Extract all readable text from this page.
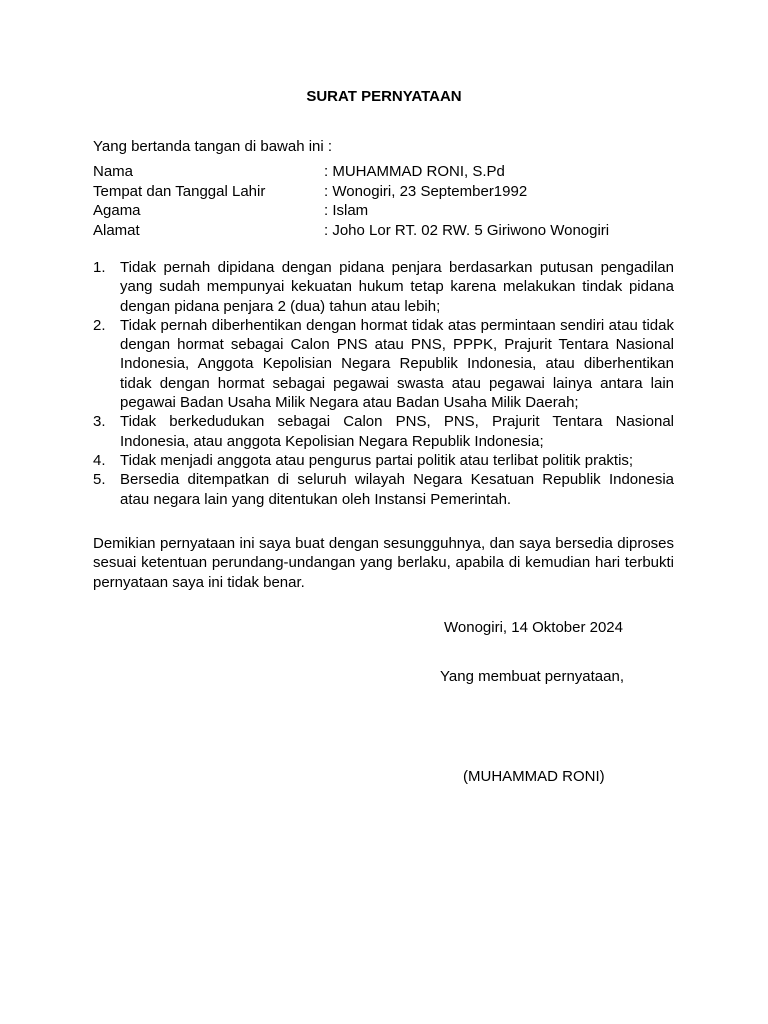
SURAT PERNYATAAN
Yang bertanda tangan di bawah ini :
Nama	: MUHAMMAD RONI, S.Pd
Tempat dan Tanggal Lahir	: Wonogiri, 23 September1992
Agama	: Islam
Alamat	: Joho Lor RT. 02 RW. 5 Giriwono Wonogiri
1. Tidak pernah dipidana dengan pidana penjara berdasarkan putusan pengadilan yang sudah mempunyai kekuatan hukum tetap karena melakukan tindak pidana dengan pidana penjara 2 (dua) tahun atau lebih;
2. Tidak pernah diberhentikan dengan hormat tidak atas permintaan sendiri atau tidak dengan hormat sebagai Calon PNS atau PNS, PPPK, Prajurit Tentara Nasional Indonesia, Anggota Kepolisian Negara Republik Indonesia, atau diberhentikan tidak dengan hormat sebagai pegawai swasta atau pegawai lainya antara lain pegawai Badan Usaha Milik Negara atau Badan Usaha Milik Daerah;
3. Tidak berkedudukan sebagai Calon PNS, PNS, Prajurit Tentara Nasional Indonesia, atau anggota Kepolisian Negara Republik Indonesia;
4. Tidak menjadi anggota atau pengurus partai politik atau terlibat politik praktis;
5. Bersedia ditempatkan di seluruh wilayah Negara Kesatuan Republik Indonesia atau negara lain yang ditentukan oleh Instansi Pemerintah.

Demikian pernyataan ini saya buat dengan sesungguhnya, dan saya bersedia diproses sesuai ketentuan perundang-undangan yang berlaku, apabila di kemudian hari terbukti pernyataan saya ini tidak benar.

Wonogiri, 14 Oktober 2024
Yang membuat pernyataan,
(MUHAMMAD RONI)
